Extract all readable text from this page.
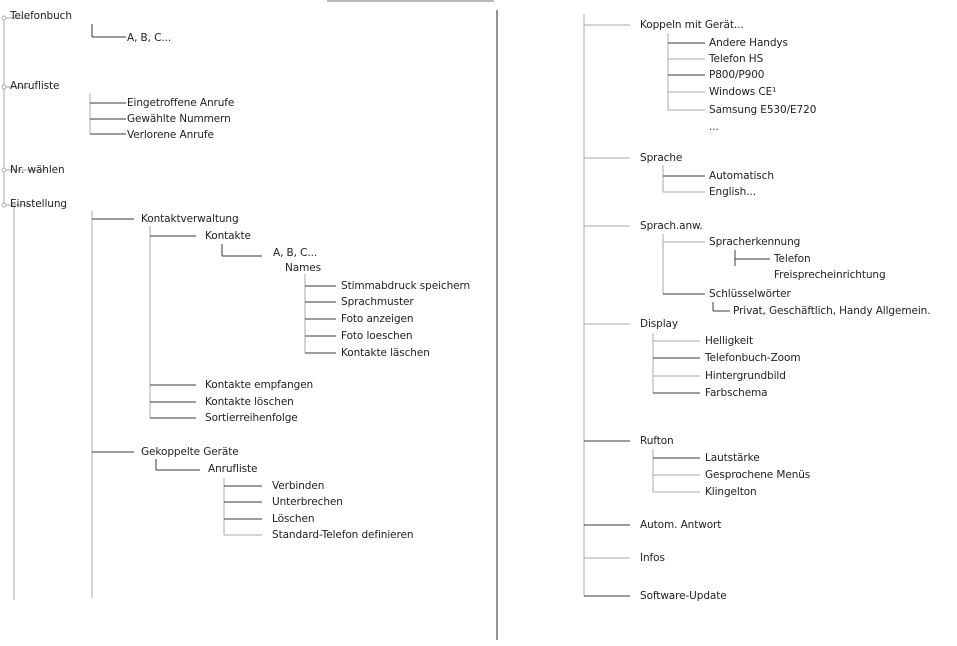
Telefonbuch
A, B, C...
Anrufliste
Eingetroffene Anrufe
Gewählte Nummern
Verlorene Anrufe
Nr. wählen
Einstellung
Kontaktverwaltung
Kontakte
A, B, C...
Names
Stimmabdruck speichern
Sprachmuster
Foto anzeigen
Foto loeschen
Kontakte läschen
Kontakte empfangen
Kontakte löschen
Sortierreihenfolge
Gekoppelte Geräte
Anrufliste
Verbinden
Unterbrechen
Löschen
Standard-Telefon definieren
Koppeln mit Gerät...
Andere Handys
Telefon HS
P800/P900
Windows CE¹
Samsung E530/E720
...
Sprache
Automatisch
English...
Sprach.anw.
Spracherkennung
Telefon
Freisprecheinrichtung
Schlüsselwörter
Privat, Geschäftlich, Handy Allgemein.
Display
Helligkeit
Telefonbuch-Zoom
Hintergrundbild
Farbschema
Rufton
Lautstärke
Gesprochene Menüs
Klingelton
Autom. Antwort
Infos
Software-Update
